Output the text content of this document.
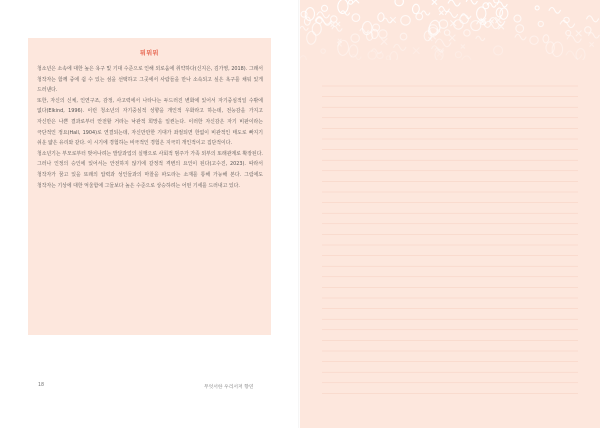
뭐뭐뭐

청소년은 소속에 대한 높은 욕구 및 기대 수준으로 인해 외로움에 취약하다(신지은, 김가영, 2018). 그래서 청작자는 함께 중에 쉽 수 있는 섬을 선택하고 그곳에서 사람들을 만나 소속되고 싶은 욕구를 채워 있게 드러낸다.

또한, 자신의 신체, 인연구조, 감정, 사고력에서 나타나는 두드러진 변화에 있어서 자기중심적일 수밖에 없다(Elkind, 1996). 이런 청소년의 자기중심적 성향을 개인적 우화라고 하는데, 전능감을 가지고 자신만은 나쁜 결과로부터 안전할 거라는 낙관적 희망을 일컫는다. 이러한 자신감은 자기 비판이라는 극단적인 정요(Hall, 1904)로 연결되는데, 자신만만한 기대가 좌절되면 한없이 비관적인 태도로 빠지기 쉬운 얇은 유리와 같다. 이 시기에 경험하는 비극적인 경험은 지극히 개인적이고 집단적이다.

청소년기는 부모로부터 벗어나려는 발달과업의 실행으로 사회적 범주가 가족 외부의 또래관계로 확장된다. 그러나 인정의 승인에 있어서는 안전하지 않기에 갈정적 격변의 요인이 된다(고수진, 2023). 따라서 청작자가 꿈고 있을 또래의 압력과 성인들과의 마찰을 파도라는 소재를 통해 가능해 본다. 그럼에도 청작자는 기상에 대한 억울함에 그들보다 높은 수준으로 상승하려는 어떤 기세를 드러내고 있다.

18	무엇서한 우리서저 향연
